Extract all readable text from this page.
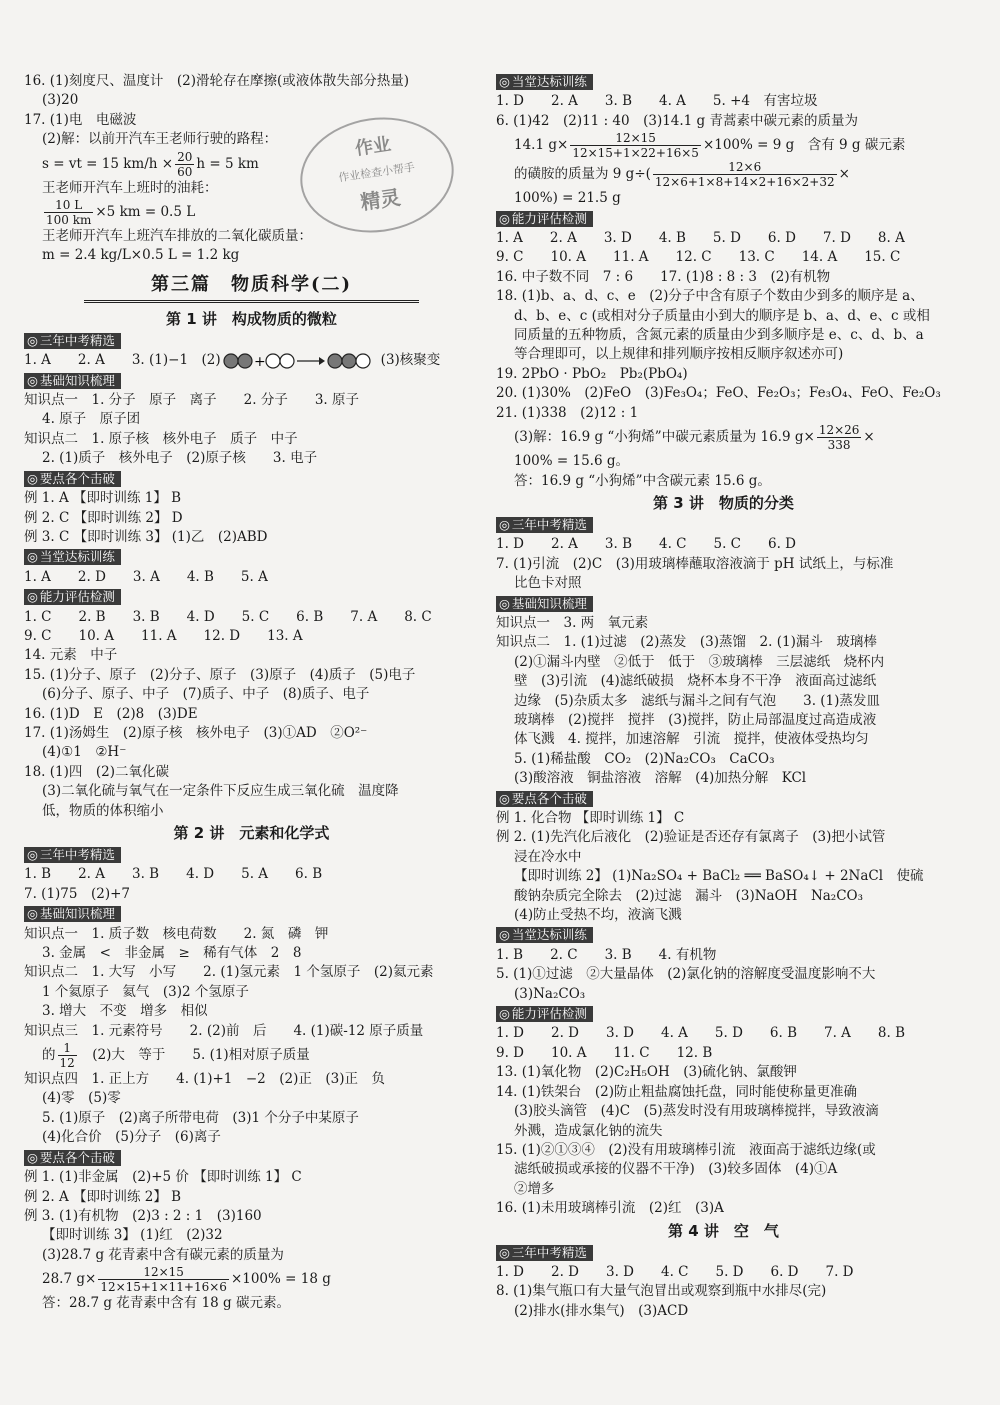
16. (1)刻度尺、温度计　(2)滑轮存在摩擦(或液体散失部分热量)
(3)20
17. (1)电　电磁波
(2)解：以前开汽车王老师行驶的路程：
s = vt = 15 $km/h \times \frac{20}{60}$ h = 5 km
王老师开汽车上班时的油耗：
$\frac{10 L}{100 km} \times 5$ km = 0.5 L
王老师开汽车上班汽车排放的二氧化碳质量：
m = 2.4 kg/L×0.5 L = 1.2 kg
第三篇　物质科学(二)
第 1 讲　构成物质的微粒
◎ 三年中考精选
1. A　　2. A　　3. (1)−1　(2) +	(3)核聚变
◎ 基础知识梳理
知识点一　1. 分子　原子　离子　　2. 分子　　3. 原子
4. 原子　原子团
知识点二　1. 原子核　核外电子　质子　中子
2. (1)质子　核外电子　(2)原子核　　3. 电子
◎ 要点各个击破
例 1. A 【即时训练 1】 B
例 2. C 【即时训练 2】 D
例 3. C 【即时训练 3】 (1)乙　(2)ABD
◎ 当堂达标训练
1. A　　2. D　　3. A　　4. B　　5. A
◎ 能力评估检测
1. C　　2. B　　3. B　　4. D　　5. C　　6. B　　7. A　　8. C
9. C　　10. A　　11. A　　12. D　　13. A
14. 元素　中子
15. (1)分子、原子　(2)分子、原子　(3)原子　(4)质子　(5)电子
(6)分子、原子、中子　(7)质子、中子　(8)质子、电子
16. (1)D　E　(2)8　(3)DE
17. (1)汤姆生　(2)原子核　核外电子　(3)①AD　②O²⁻
(4)①1　②H⁻
18. (1)四　(2)二氧化碳
(3)二氧化硫与氧气在一定条件下反应生成三氧化硫　温度降
低，物质的体积缩小
第 2 讲　元素和化学式
◎ 三年中考精选
1. B　　2. A　　3. B　　4. D　　5. A　　6. B
7. (1)75　(2)+7
◎ 基础知识梳理
知识点一　1. 质子数　核电荷数　　2. 氮　磷　钾
3. 金属　<　非金属　≥　稀有气体　2　8
知识点二　1. 大写　小写　　2. (1)氢元素　1 个氢原子　(2)氦元素
1 个氦原子　氦气　(3)2 个氢原子
3. 增大　不变　增多　相似
知识点三　1. 元素符号　　2. (2)前　后　　4. (1)碳-12 原子质量
的 $\frac{1}{12}$ 　(2)大　等于　　5. (1)相对原子质量
知识点四　1. 正上方　　4. (1)+1　−2　(2)正　(3)正　负
(4)零　(5)零
5. (1)原子　(2)离子所带电荷　(3)1 个分子中某原子
(4)化合价　(5)分子　(6)离子
◎ 要点各个击破
例 1. (1)非金属　(2)+5 价 【即时训练 1】 C
例 2. A 【即时训练 2】 B
例 3. (1)有机物　(2)3 : 2 : 1　(3)160
【即时训练 3】 (1)红　(2)32
(3)28.7 g 花青素中含有碳元素的质量为
28.7 $g\times \frac{12\times 15}{12\times 15+1\times 11+16\times 6} \times 100\% = 18$ g
答：28.7 g 花青素中含有 18 g 碳元素。
◎ 当堂达标训练
1. D　　2. A　　3. B　　4. A　　5. +4　有害垃圾
6. (1)42　(2)11 : 40　(3)14.1 g 青蒿素中碳元素的质量为
14.1 $g\times \frac{12\times 15}{12\times 15+1\times 22+16\times 5} \times 100\% = 9$ g　含有 9 g 碳元素
的磺胺的质量为 9 $g\div( \frac{12\times 6}{12\times 6+1\times 8+14\times 2+16\times 2+32}$ ×
100%) = 21.5 g
◎ 能力评估检测
1. A　　2. A　　3. D　　4. B　　5. D　　6. D　　7. D　　8. A
9. C　　10. A　　11. A　　12. C　　13. C　　14. A　　15. C
16. 中子数不同　7 : 6　　17. (1)8 : 8 : 3　(2)有机物
18. (1)b、a、d、c、e　(2)分子中含有原子个数由少到多的顺序是 a、
d、b、e、c (或相对分子质量由小到大的顺序是 b、a、d、e、c 或相
同质量的五种物质，含氮元素的质量由少到多顺序是 e、c、d、b、a
等合理即可，以上规律和排列顺序按相反顺序叙述亦可)
19. 2PbO · PbO₂　Pb₂(PbO₄)
20. (1)30%　(2)FeO　(3)Fe₃O₄；FeO、Fe₂O₃；Fe₃O₄、FeO、Fe₂O₃
21. (1)338　(2)12 : 1
(3)解：16.9 g “小狗烯”中碳元素质量为 16.9 $g\times \frac{12\times 26}{338}$ ×
100% = 15.6 g。
答：16.9 g “小狗烯”中含碳元素 15.6 g。
第 3 讲　物质的分类
◎ 三年中考精选
1. D　　2. A　　3. B　　4. C　　5. C　　6. D
7. (1)引流　(2)C　(3)用玻璃棒蘸取溶液滴于 pH 试纸上，与标准
比色卡对照
◎ 基础知识梳理
知识点一　3. 两　氧元素
知识点二　1. (1)过滤　(2)蒸发　(3)蒸馏　2. (1)漏斗　玻璃棒
(2)①漏斗内壁　②低于　低于　③玻璃棒　三层滤纸　烧杯内
壁　(3)引流　(4)滤纸破损　烧杯本身不干净　液面高过滤纸
边缘　(5)杂质太多　滤纸与漏斗之间有气泡　　3. (1)蒸发皿
玻璃棒　(2)搅拌　搅拌　(3)搅拌，防止局部温度过高造成液
体飞溅　4. 搅拌，加速溶解　引流　搅拌，使液体受热均匀
5. (1)稀盐酸　CO₂　(2)Na₂CO₃　CaCO₃
(3)酸溶液　铜盐溶液　溶解　(4)加热分解　KCl
◎ 要点各个击破
例 1. 化合物 【即时训练 1】 C
例 2. (1)先汽化后液化　(2)验证是否还存有氯离子　(3)把小试管
浸在冷水中
【即时训练 2】 (1)Na₂SO₄ + BaCl₂ ══ BaSO₄↓ + 2NaCl　使硫
酸钠杂质完全除去　(2)过滤　漏斗　(3)NaOH　Na₂CO₃
(4)防止受热不均，液滴飞溅
◎ 当堂达标训练
1. B　　2. C　　3. B　　4. 有机物
5. (1)①过滤　②大量晶体　(2)氯化钠的溶解度受温度影响不大
(3)Na₂CO₃
◎ 能力评估检测
1. D　　2. D　　3. D　　4. A　　5. D　　6. B　　7. A　　8. B
9. D　　10. A　　11. C　　12. B
13. (1)氧化物　(2)C₂H₅OH　(3)硫化钠、氯酸钾
14. (1)铁架台　(2)防止粗盐腐蚀托盘，同时能使称量更准确
(3)胶头滴管　(4)C　(5)蒸发时没有用玻璃棒搅拌，导致液滴
外溅，造成氯化钠的流失
15. (1)②①③④　(2)没有用玻璃棒引流　液面高于滤纸边缘(或
滤纸破损或承接的仪器不干净)　(3)较多固体　(4)①A
②增多
16. (1)未用玻璃棒引流　(2)红　(3)A
第 4 讲　空　气
◎ 三年中考精选
1. D　　2. D　　3. D　　4. C　　5. D　　6. D　　7. D
8. (1)集气瓶口有大量气泡冒出或观察到瓶中水排尽(完)
(2)排水(排水集气)　(3)ACD
作业
作业检查小帮手
精灵
